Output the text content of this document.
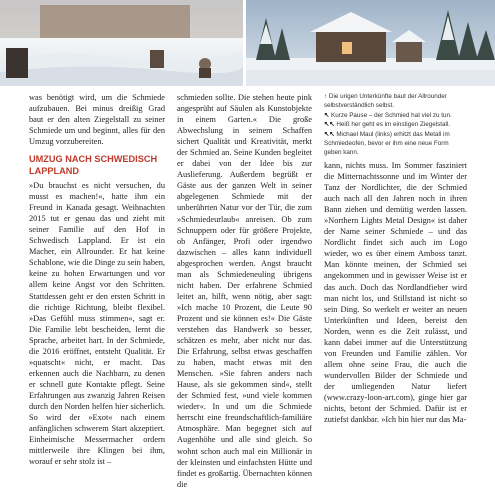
was benötigt wird, um die Schmiede aufzubauen. Bei minus dreißig Grad baut er den alten Ziegelstall zu seiner Schmiede um und beginnt, alles für den Umzug vorzubereiten.

UMZUG NACH SCHWEDISCH LAPPLAND

»Du brauchst es nicht versuchen, du musst es machen!«, hatte ihm ein Freund in Kanada gesagt. Weihnachten 2015 tut er genau das und zieht mit seiner Familie auf den Hof in Schwedisch Lappland. Er ist ein Macher, ein Allrounder. Er hat keine Schablone, wie die Dinge zu sein haben, keine zu hohen Erwartungen und vor allem keine Angst vor den Schritten. Stattdessen geht er den ersten Schritt in die richtige Richtung, bleibt flexibel. »Das Gefühl muss stimmen«, sagt er. Die Familie lebt bescheiden, lernt die Sprache, arbeitet hart. In der Schmiede, die 2016 eröffnet, entsteht Qualität. Er »quatscht« nicht, er macht. Das erkennen auch die Nachbarn, zu denen er schnell gute Kontakte pflegt. Seine Erfahrungen aus zwanzig Jahren Reisen durch den Norden helfen hier sicherlich. So wird der »Exot« nach einem anfänglichen schwerem Start akzeptiert. Einheimische Messermacher ordern mittlerweile ihre Klingen bei ihm, worauf er sehr stolz ist –

schmieden sollte. Die stehen heute pink angesprüht auf Säulen als Kunstobjekte in einem Garten.« Die große Abwechslung in seinem Schaffen sichert Qualität und Kreativität, merkt der Schmied an. Seine Kunden begleitet er dabei von der Idee bis zur Auslieferung. Außerdem begrüßt er Gäste aus der ganzen Welt in seiner abgelegenen Schmiede mit der unberührten Natur vor der Tür, die zum »Schmiedeurlaub« anreisen. Ob zum Schnuppern oder für größere Projekte, ob Anfänger, Profi oder irgendwo dazwischen – alles kann individuell abgesprochen werden. Angst braucht man als Schmiedeneuling übrigens nicht haben. Der erfahrene Schmied leitet an, hilft, wenn nötig, aber sagt: »Ich mache 10 Prozent, die Leute 90 Prozent und sie können es!« Die Gäste verstehen das Handwerk so besser, schätzen es mehr, aber nicht nur das. Die Erfahrung, selbst etwas geschaffen zu haben, macht etwas mit den Menschen. »Sie fahren anders nach Hause, als sie gekommen sind«, stellt der Schmied fest, »und viele kommen wieder«. In und um die Schmiede herrscht eine freundschaftlich-familiäre Atmosphäre. Man begegnet sich auf Augenhöhe und alle sind gleich. So wohnt schon auch mal ein Millionär in der kleinsten und einfachsten Hütte und findet es großartig. Übernachten können die

↑ Die urigen Unterkünfte baut der Allrounder selbstverständlich selbst.
↖ Kurze Pause – der Schmied hat viel zu tun.
↖↖ Heiß her geht es im einstigen Ziegelstall.
↖↖ Michael Maul (links) erhitzt das Metall im Schmiedeofen, bevor er ihm eine neue Form geben kann.

kann, nichts muss. Im Sommer fasziniert die Mitternachtssonne und im Winter der Tanz der Nordlichter, die der Schmied auch nach all den Jahren noch in ihren Bann ziehen und demütig werden lassen. »Northern Lights Metal Design« ist daher der Name seiner Schmiede – und das Nordlicht findet sich auch im Logo wieder, wo es über einem Amboss tanzt. Man könnte meinen, der Schmied sei angekommen und in gewisser Weise ist er das auch. Doch das Nordlandfieber wird man nicht los, und Stillstand ist nicht so sein Ding. So werkelt er weiter an neuen Unterkünften und Ideen, bereist den Norden, wenn es die Zeit zulässt, und kann dabei immer auf die Unterstützung von Freunden und Familie zählen. Vor allem ohne seine Frau, die auch die wundervollen Bilder der Schmiede und der umliegenden Natur liefert (www.crazy-loon-art.com), ginge hier gar nichts, betont der Schmied. Dafür ist er zutiefst dankbar. »Ich bin hier nur das Ma-
